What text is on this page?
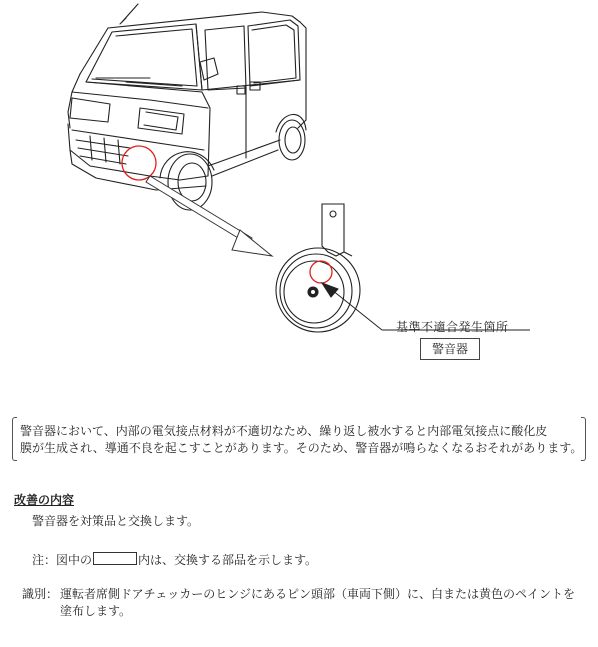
基準不適合発生箇所
警音器
警音器において、内部の電気接点材料が不適切なため、繰り返し被水すると内部電気接点に酸化皮
膜が生成され、導通不良を起こすことがあります。そのため、警音器が鳴らなくなるおそれがあります。
改善の内容
警音器を対策品と交換します。
注：図中の	内は、交換する部品を示します。
識別： 運転者席側ドアチェッカーのヒンジにあるピン頭部（車両下側）に、白または黄色のペイントを
塗布します。
